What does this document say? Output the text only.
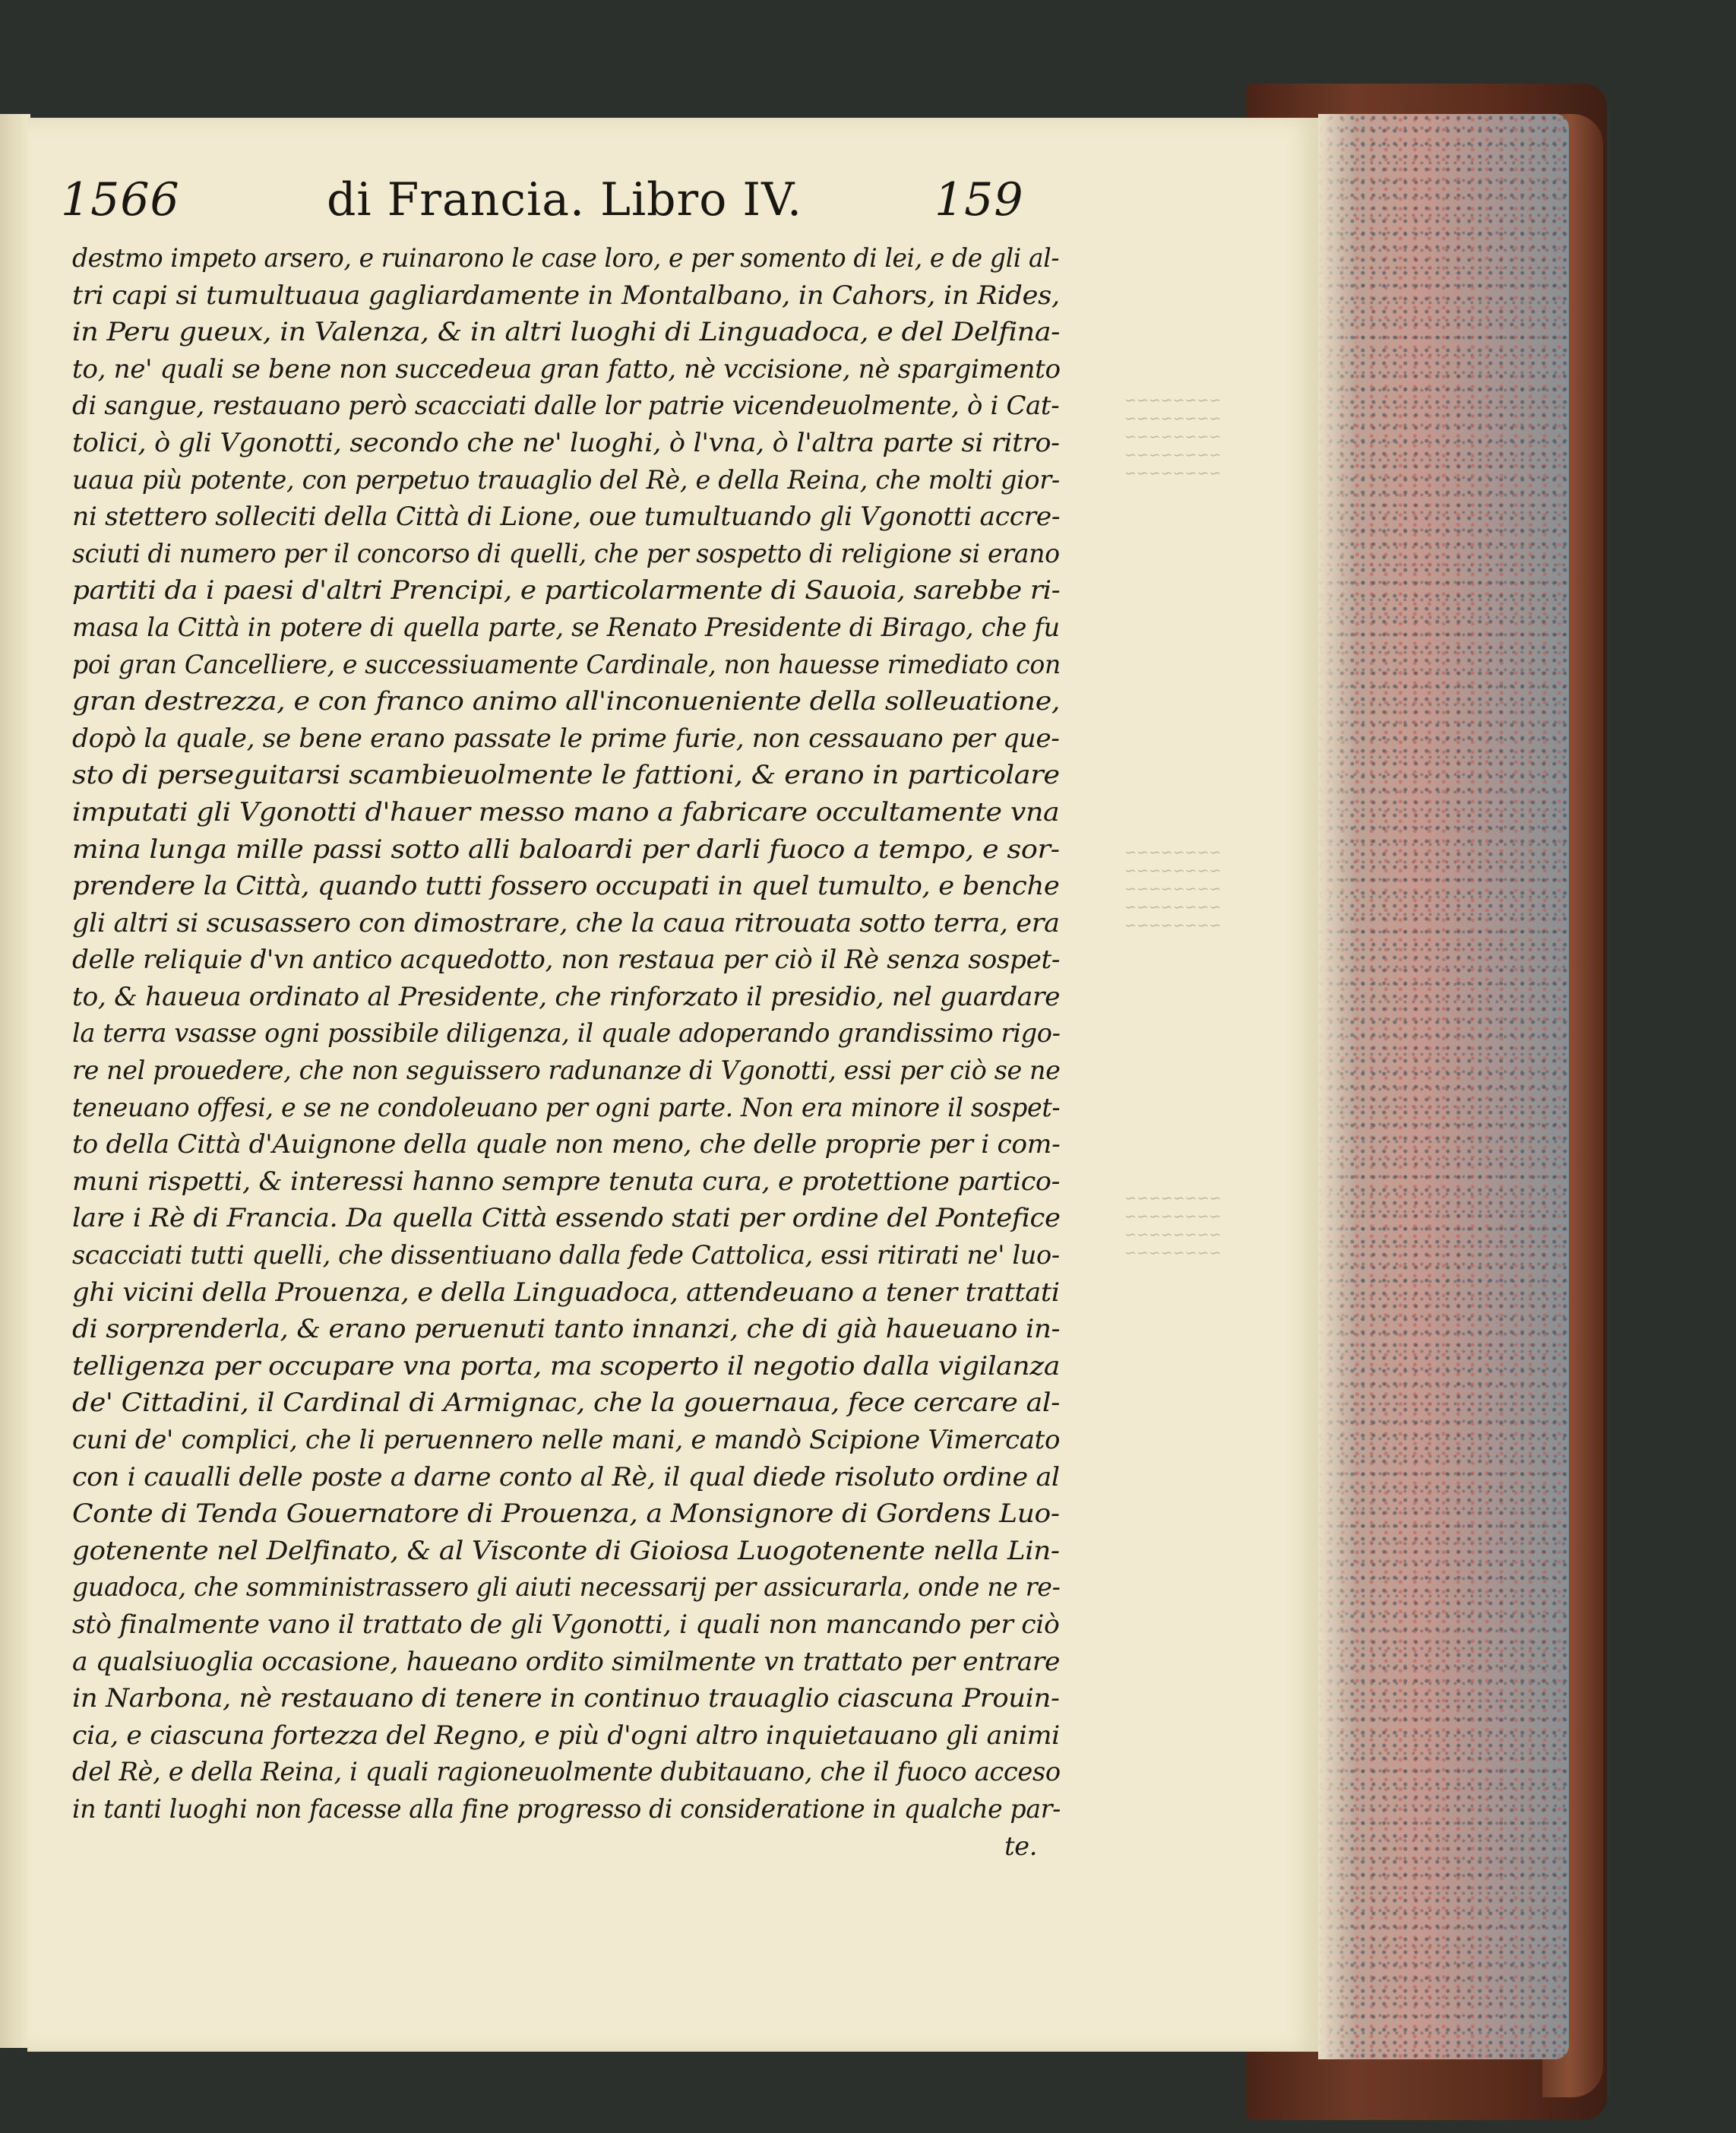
~~~~~~~~
~~~~~~~~
~~~~~~~~
~~~~~~~~
~~~~~~~~
~~~~~~~~
~~~~~~~~
~~~~~~~~
~~~~~~~~
~~~~~~~~
~~~~~~~~
~~~~~~~~
~~~~~~~~
~~~~~~~~
1566	di Francia. Libro IV.	159
destmo impeto arsero, e ruinarono le case loro, e per somento di lei, e de gli al-
tri capi si tumultuaua gagliardamente in Montalbano, in Cahors, in Rides,
in Peru gueux, in Valenza, & in altri luoghi di Linguadoca, e del Delfina-
to, ne' quali se bene non succedeua gran fatto, nè vccisione, nè spargimento
di sangue, restauano però scacciati dalle lor patrie vicendeuolmente, ò i Cat-
tolici, ò gli Vgonotti, secondo che ne' luoghi, ò l'vna, ò l'altra parte si ritro-
uaua più potente, con perpetuo trauaglio del Rè, e della Reina, che molti gior-
ni stettero solleciti della Città di Lione, oue tumultuando gli Vgonotti accre-
sciuti di numero per il concorso di quelli, che per sospetto di religione si erano
partiti da i paesi d'altri Prencipi, e particolarmente di Sauoia, sarebbe ri-
masa la Città in potere di quella parte, se Renato Presidente di Birago, che fu
poi gran Cancelliere, e successiuamente Cardinale, non hauesse rimediato con
gran destrezza, e con franco animo all'inconueniente della solleuatione,
dopò la quale, se bene erano passate le prime furie, non cessauano per que-
sto di perseguitarsi scambieuolmente le fattioni, & erano in particolare
imputati gli Vgonotti d'hauer messo mano a fabricare occultamente vna
mina lunga mille passi sotto alli baloardi per darli fuoco a tempo, e sor-
prendere la Città, quando tutti fossero occupati in quel tumulto, e benche
gli altri si scusassero con dimostrare, che la caua ritrouata sotto terra, era
delle reliquie d'vn antico acquedotto, non restaua per ciò il Rè senza sospet-
to, & haueua ordinato al Presidente, che rinforzato il presidio, nel guardare
la terra vsasse ogni possibile diligenza, il quale adoperando grandissimo rigo-
re nel prouedere, che non seguissero radunanze di Vgonotti, essi per ciò se ne
teneuano offesi, e se ne condoleuano per ogni parte. Non era minore il sospet-
to della Città d'Auignone della quale non meno, che delle proprie per i com-
muni rispetti, & interessi hanno sempre tenuta cura, e protettione partico-
lare i Rè di Francia. Da quella Città essendo stati per ordine del Pontefice
scacciati tutti quelli, che dissentiuano dalla fede Cattolica, essi ritirati ne' luo-
ghi vicini della Prouenza, e della Linguadoca, attendeuano a tener trattati
di sorprenderla, & erano peruenuti tanto innanzi, che di già haueuano in-
telligenza per occupare vna porta, ma scoperto il negotio dalla vigilanza
de' Cittadini, il Cardinal di Armignac, che la gouernaua, fece cercare al-
cuni de' complici, che li peruennero nelle mani, e mandò Scipione Vimercato
con i caualli delle poste a darne conto al Rè, il qual diede risoluto ordine al
Conte di Tenda Gouernatore di Prouenza, a Monsignore di Gordens Luo-
gotenente nel Delfinato, & al Visconte di Gioiosa Luogotenente nella Lin-
guadoca, che somministrassero gli aiuti necessarij per assicurarla, onde ne re-
stò finalmente vano il trattato de gli Vgonotti, i quali non mancando per ciò
a qualsiuoglia occasione, haueano ordito similmente vn trattato per entrare
in Narbona, nè restauano di tenere in continuo trauaglio ciascuna Prouin-
cia, e ciascuna fortezza del Regno, e più d'ogni altro inquietauano gli animi
del Rè, e della Reina, i quali ragioneuolmente dubitauano, che il fuoco acceso
in tanti luoghi non facesse alla fine progresso di consideratione in qualche par-
te.
